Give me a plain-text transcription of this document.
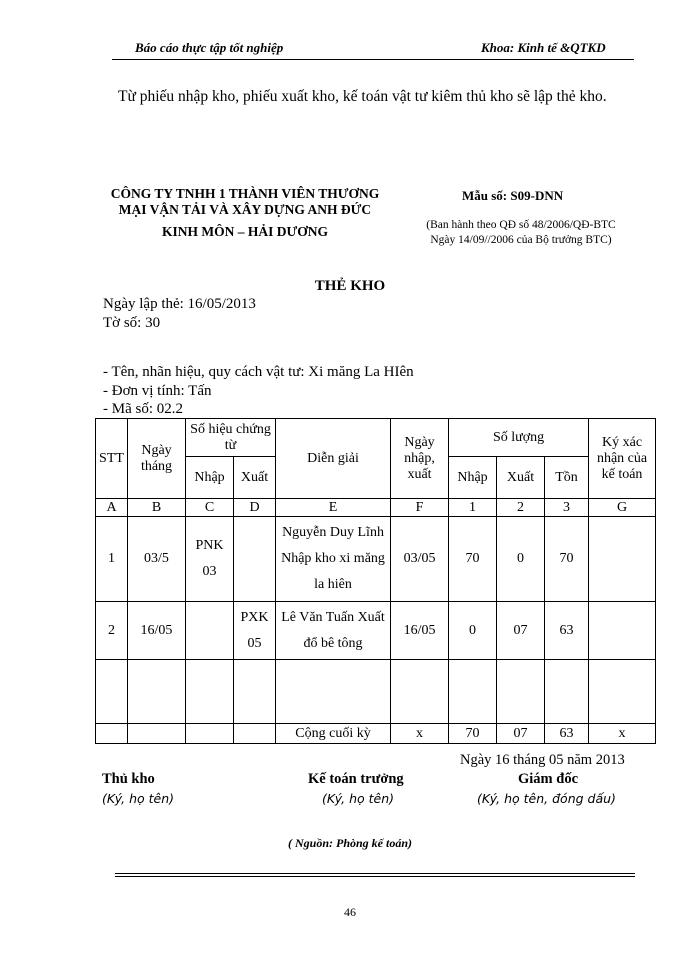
Báo cáo thực tập tốt nghiệp	Khoa: Kinh tế &QTKD
Từ phiếu nhập kho, phiếu xuất kho, kế toán vật tư kiêm thủ kho sẽ lập thẻ kho.
CÔNG TY TNHH 1 THÀNH VIÊN THƯƠNG
MẠI VẬN TẢI VÀ XÂY DỰNG ANH ĐỨC
KINH MÔN – HẢI DƯƠNG
Mẫu số: S09-DNN
(Ban hành theo QĐ số 48/2006/QĐ-BTC
Ngày 14/09//2006 của Bộ trưởng BTC)
THẺ KHO
Ngày lập thẻ: 16/05/2013
Tờ số: 30
- Tên, nhãn hiệu, quy cách vật tư: Xi măng La HIên
- Đơn vị tính: Tấn
- Mã số: 02.2
STT	Ngày tháng	Số hiệu chứng từ		Diễn giải	Ngày nhập, xuất	Số lượng			Ký xác nhận của kế toán
		Nhập	Xuất			Nhập	Xuất	Tồn	
A	B	C	D	E	F	1	2	3	G
1	03/5	PNK 03		Nguyễn Duy Lĩnh Nhập kho xi măng la hiên	03/05	70	0	70	
2	16/05		PXK 05	Lê Văn Tuấn Xuất đổ bê tông	16/05	0	07	63	

				Cộng cuối kỳ	x	70	07	63	x
Ngày 16 tháng 05 năm 2013
Thủ kho	Kế toán trưởng	Giám đốc
(Ký, họ tên)	(Ký, họ tên)	(Ký, họ tên, đóng dấu)
( Nguồn: Phòng kế toán)
46
